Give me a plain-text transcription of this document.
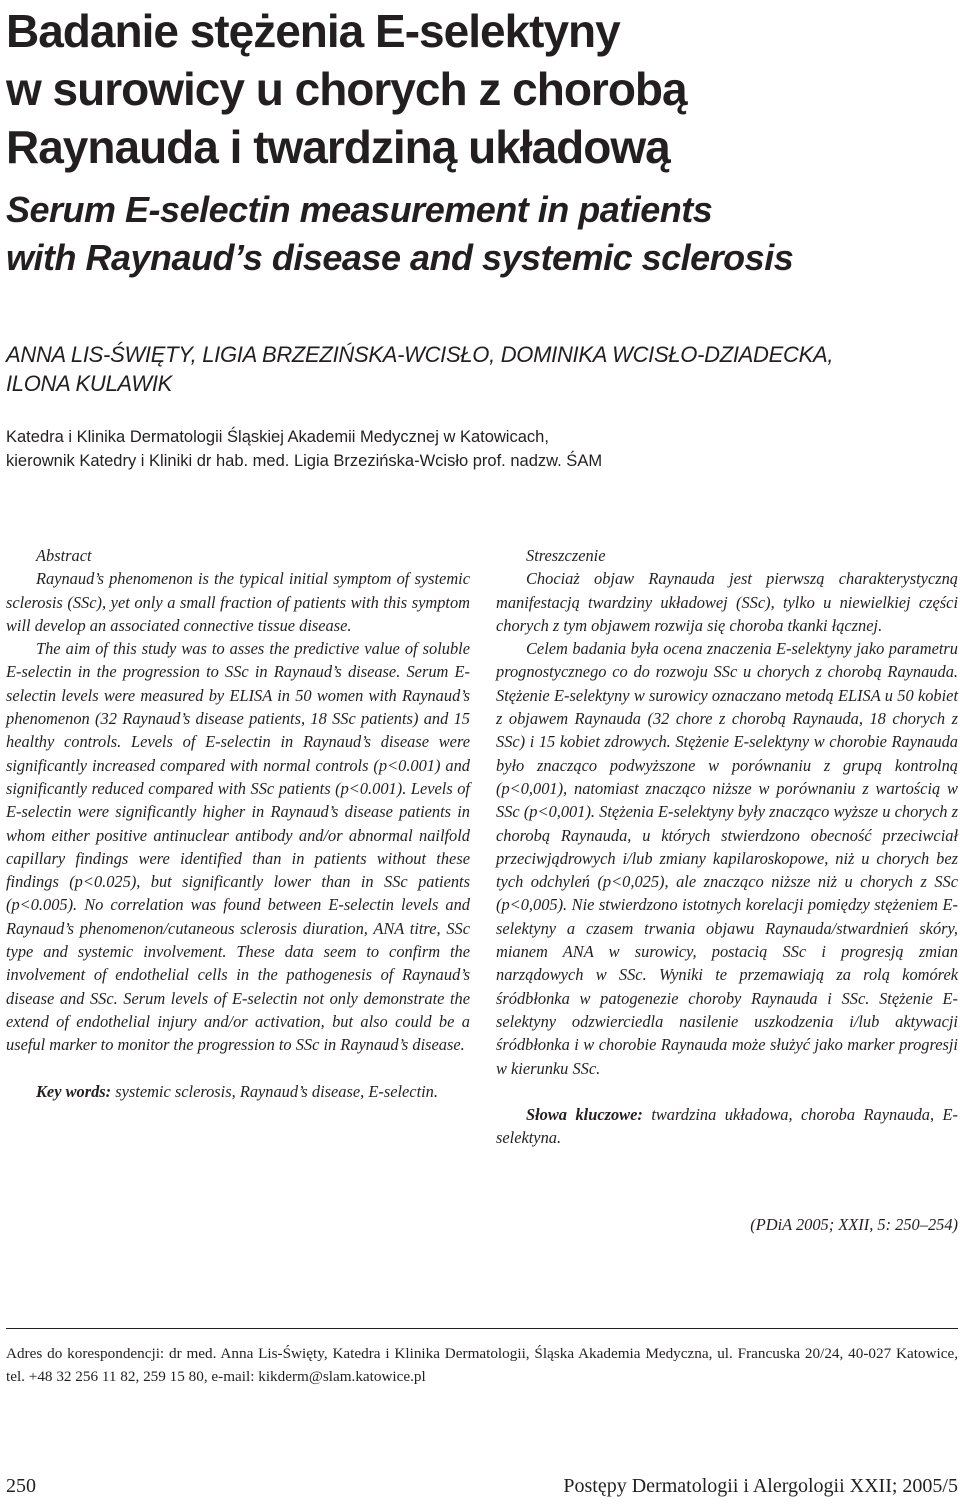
Badanie stężenia E-selektyny
w surowicy u chorych z chorobą
Raynauda i twardziną układową
Serum E-selectin measurement in patients
with Raynaud’s disease and systemic sclerosis
ANNA LIS-ŚWIĘTY, LIGIA BRZEZIŃSKA-WCISŁO, DOMINIKA WCISŁO-DZIADECKA,
ILONA KULAWIK
Katedra i Klinika Dermatologii Śląskiej Akademii Medycznej w Katowicach,
kierownik Katedry i Kliniki dr hab. med. Ligia Brzezińska-Wcisło prof. nadzw. ŚAM

Abstract

Raynaud’s phenomenon is the typical initial symptom of systemic sclerosis (SSc), yet only a small fraction of patients with this symptom will develop an associated connective tissue disease.

The aim of this study was to asses the predictive value of soluble E-selectin in the progression to SSc in Raynaud’s disease. Serum E-selectin levels were measured by ELISA in 50 women with Raynaud’s phenomenon (32 Raynaud’s disease patients, 18 SSc patients) and 15 healthy controls. Levels of E-selectin in Raynaud’s disease were significantly increased compared with normal controls (p<0.001) and significantly reduced compared with SSc patients (p<0.001). Levels of E-selectin were significantly higher in Raynaud’s disease patients in whom either positive antinuclear antibody and/or abnormal nailfold capillary findings were identified than in patients without these findings (p<0.025), but significantly lower than in SSc patients (p<0.005). No correlation was found between E-selectin levels and Raynaud’s phenomenon/cutaneous sclerosis diuration, ANA titre, SSc type and systemic involvement. These data seem to confirm the involvement of endothelial cells in the pathogenesis of Raynaud’s disease and SSc. Serum levels of E-selectin not only demonstrate the extend of endothelial injury and/or activation, but also could be a useful marker to monitor the progression to SSc in Raynaud’s disease.

Key words: systemic sclerosis, Raynaud’s disease, E-selectin.

Streszczenie

Chociaż objaw Raynauda jest pierwszą charakterystyczną manifestacją twardziny układowej (SSc), tylko u niewielkiej części chorych z tym objawem rozwija się choroba tkanki łącznej.

Celem badania była ocena znaczenia E-selektyny jako parametru prognostycznego co do rozwoju SSc u chorych z chorobą Raynauda. Stężenie E-selektyny w surowicy oznaczano metodą ELISA u 50 kobiet z objawem Raynauda (32 chore z chorobą Raynauda, 18 chorych z SSc) i 15 kobiet zdrowych. Stężenie E-selektyny w chorobie Raynauda było znacząco podwyższone w porównaniu z grupą kontrolną (p<0,001), natomiast znacząco niższe w porównaniu z wartością w SSc (p<0,001). Stężenia E-selektyny były znacząco wyższe u chorych z chorobą Raynauda, u których stwierdzono obecność przeciwciał przeciwjądrowych i/lub zmiany kapilaroskopowe, niż u chorych bez tych odchyleń (p<0,025), ale znacząco niższe niż u chorych z SSc (p<0,005). Nie stwierdzono istotnych korelacji pomiędzy stężeniem E-selektyny a czasem trwania objawu Raynauda/stwardnień skóry, mianem ANA w surowicy, postacią SSc i progresją zmian narządowych w SSc. Wyniki te przemawiają za rolą komórek śródbłonka w patogenezie choroby Raynauda i SSc. Stężenie E-selektyny odzwierciedla nasilenie uszkodzenia i/lub aktywacji śródbłonka i w chorobie Raynauda może służyć jako marker progresji w kierunku SSc.

Słowa kluczowe: twardzina układowa, choroba Raynauda, E-selektyna.

(PDiA 2005; XXII, 5: 250–254)
Adres do korespondencji: dr med. Anna Lis-Święty, Katedra i Klinika Dermatologii, Śląska Akademia Medyczna, ul. Francuska 20/24, 40-027 Katowice, tel. +48 32 256 11 82, 259 15 80, e-mail: kikderm@slam.katowice.pl
250	Postępy Dermatologii i Alergologii XXII; 2005/5
